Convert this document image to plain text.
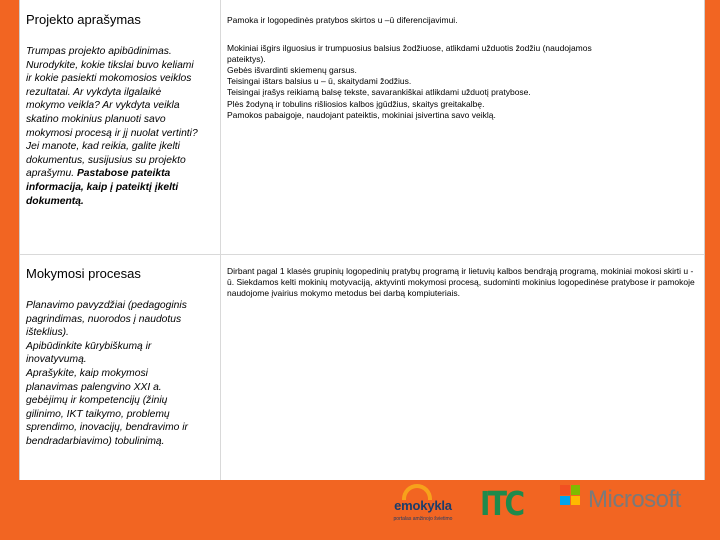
Projekto aprašymas

Trumpas projekto apibūdinimas.
Nurodykite, kokie tikslai buvo keliami
ir kokie pasiekti mokomosios veiklos
rezultatai. Ar vykdyta ilgalaikė
mokymo veikla? Ar vykdyta veikla
skatino mokinius planuoti savo
mokymosi procesą ir jį nuolat vertinti?
Jei manote, kad reikia, galite įkelti
dokumentus, susijusius su projekto
aprašymu. Pastabose pateikta
informacija, kaip į pateiktį įkelti
dokumentą.

Pamoka ir logopedinės pratybos skirtos u –ū diferencijavimui.

Mokiniai išgirs ilguosius ir trumpuosius balsius žodžiuose, atlikdami užduotis žodžiu (naudojamos
pateiktys).
Gebės išvardinti skiemenų garsus.
Teisingai ištars balsius u – ū, skaitydami žodžius.
Teisingai įrašys reikiamą balsę tekste, savarankiškai atlikdami užduotį pratybose.
Plės žodyną ir tobulins rišliosios kalbos įgūdžius, skaitys greitakalbę.
Pamokos pabaigoje, naudojant pateiktis, mokiniai įsivertina savo veiklą.

Mokymosi procesas

Planavimo pavyzdžiai (pedagoginis
pagrindimas, nuorodos į naudotus
išteklius).
Apibūdinkite kūrybiškumą ir
inovatyvumą.
Aprašykite, kaip mokymosi
planavimas palengvino XXI a.
gebėjimų ir kompetencijų (žinių
gilinimo, IKT taikymo, problemų
sprendimo, inovacijų, bendravimo ir
bendradarbiavimo) tobulinimą.

Dirbant pagal 1 klasės grupinių logopedinių pratybų programą ir lietuvių kalbos bendrąją programą, mokiniai mokosi skirti u - ū. Siekdamos kelti mokinių motyvaciją, aktyvinti mokymosi procesą, sudominti mokinius logopedinėse pratybose ir pamokoje naudojome įvairius mokymo metodus bei darbą kompiuteriais.

emokykla
portalas amžinojo švietimo ITC	Microsoft
